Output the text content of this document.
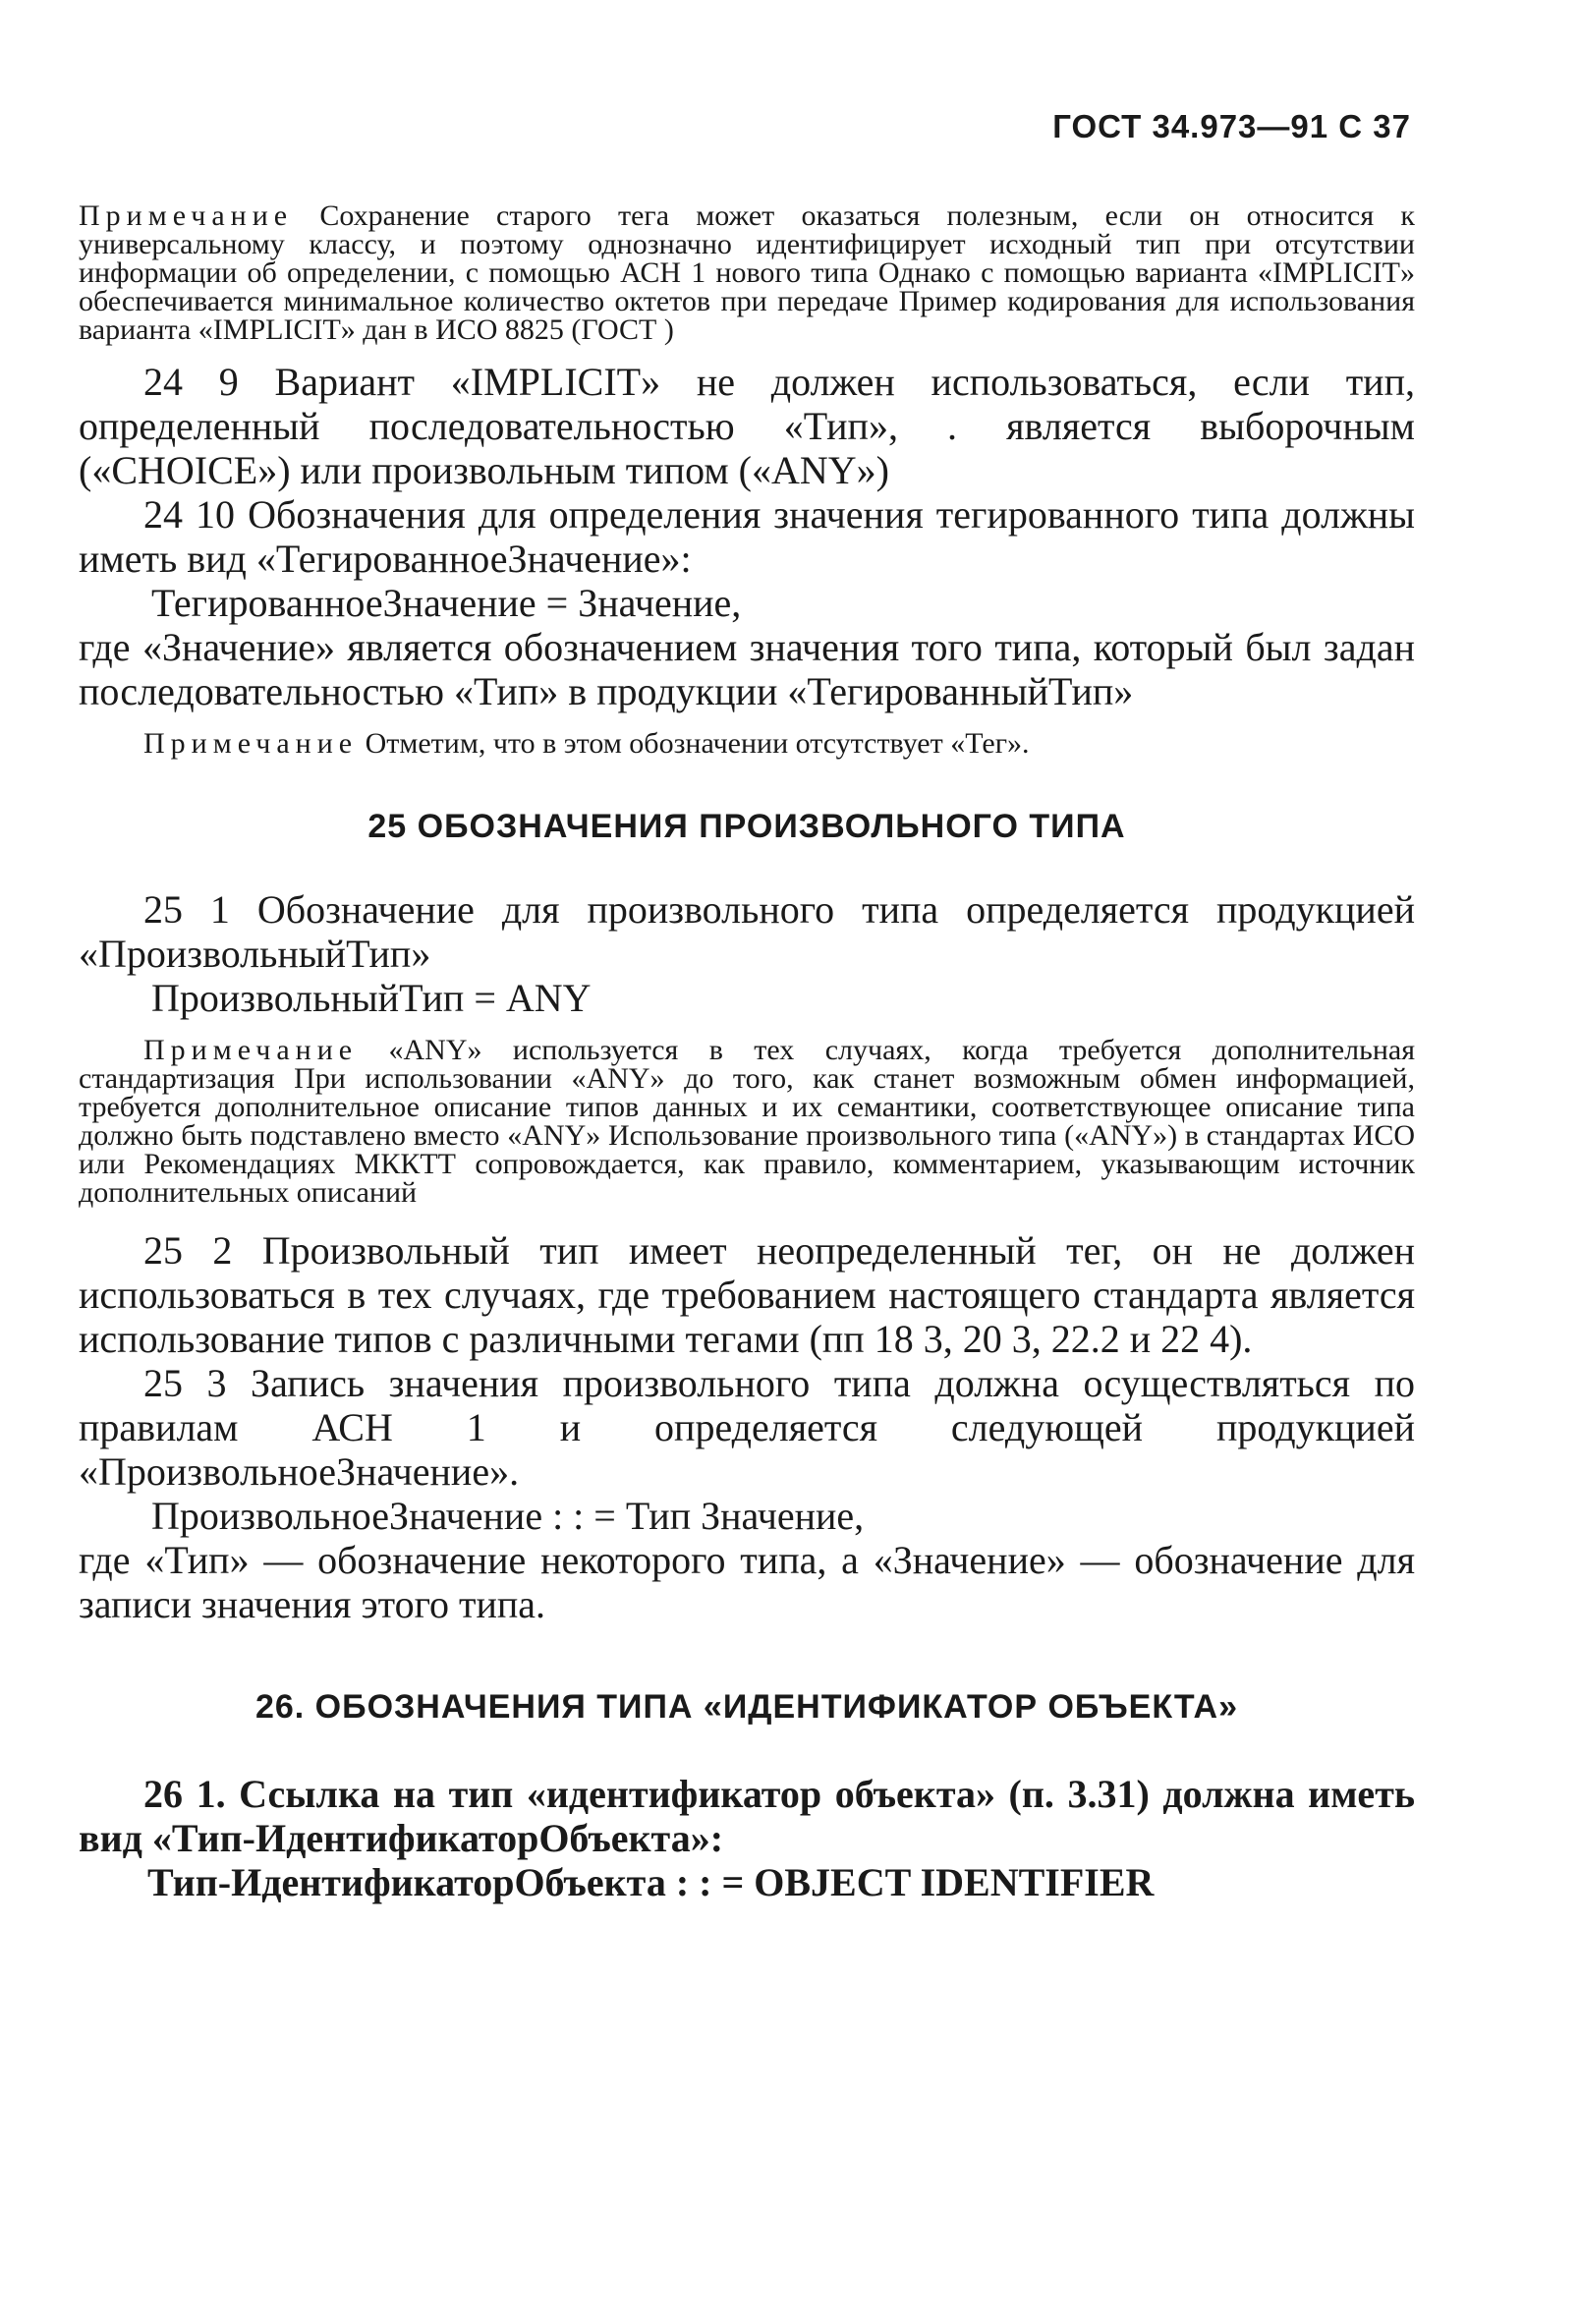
ГОСТ 34.973—91 С 37

Примечание Сохранение старого тега может оказаться полезным, если он относится к универсальному классу, и поэтому однозначно идентифицирует исходный тип при отсутствии информации об определении, с помощью АСН 1 нового типа Однако с помощью варианта «IMPLICIT» обеспечивается минимальное количество октетов при передаче Пример кодирования для использования варианта «IMPLICIT» дан в ИСО 8825 (ГОСТ )

24 9 Вариант «IMPLICIT» не должен использоваться, если тип, определенный последовательностью «Тип», . является выборочным («CHOICE») или произвольным типом («ANY»)

24 10 Обозначения для определения значения тегированного типа должны иметь вид «ТегированноеЗначение»:

ТегированноеЗначение = Значение,

где «Значение» является обозначением значения того типа, который был задан последовательностью «Тип» в продукции «ТегированныйТип»

Примечание Отметим, что в этом обозначении отсутствует «Тег».

25 ОБОЗНАЧЕНИЯ ПРОИЗВОЛЬНОГО ТИПА

25 1 Обозначение для произвольного типа определяется продукцией «ПроизвольныйТип»

ПроизвольныйТип = ANY

Примечание «ANY» используется в тех случаях, когда требуется дополнительная стандартизация При использовании «ANY» до того, как станет возможным обмен информацией, требуется дополнительное описание типов данных и их семантики, соответствующее описание типа должно быть подставлено вместо «ANY» Использование произвольного типа («ANY») в стандартах ИСО или Рекомендациях МККТТ сопровождается, как правило, комментарием, указывающим источник дополнительных описаний

25 2 Произвольный тип имеет неопределенный тег, он не должен использоваться в тех случаях, где требованием настоящего стандарта является использование типов с различными тегами (пп 18 3, 20 3, 22.2 и 22 4).

25 3 Запись значения произвольного типа должна осуществляться по правилам АСН 1 и определяется следующей продукцией «ПроизвольноеЗначение».

ПроизвольноеЗначение : : = Тип Значение,

где «Тип» — обозначение некоторого типа, а «Значение» — обозначение для записи значения этого типа.

26. ОБОЗНАЧЕНИЯ ТИПА «ИДЕНТИФИКАТОР ОБЪЕКТА»

26 1. Ссылка на тип «идентификатор объекта» (п. 3.31) должна иметь вид «Тип-ИдентификаторОбъекта»:

Тип-ИдентификаторОбъекта : : = OBJECT IDENTIFIER
